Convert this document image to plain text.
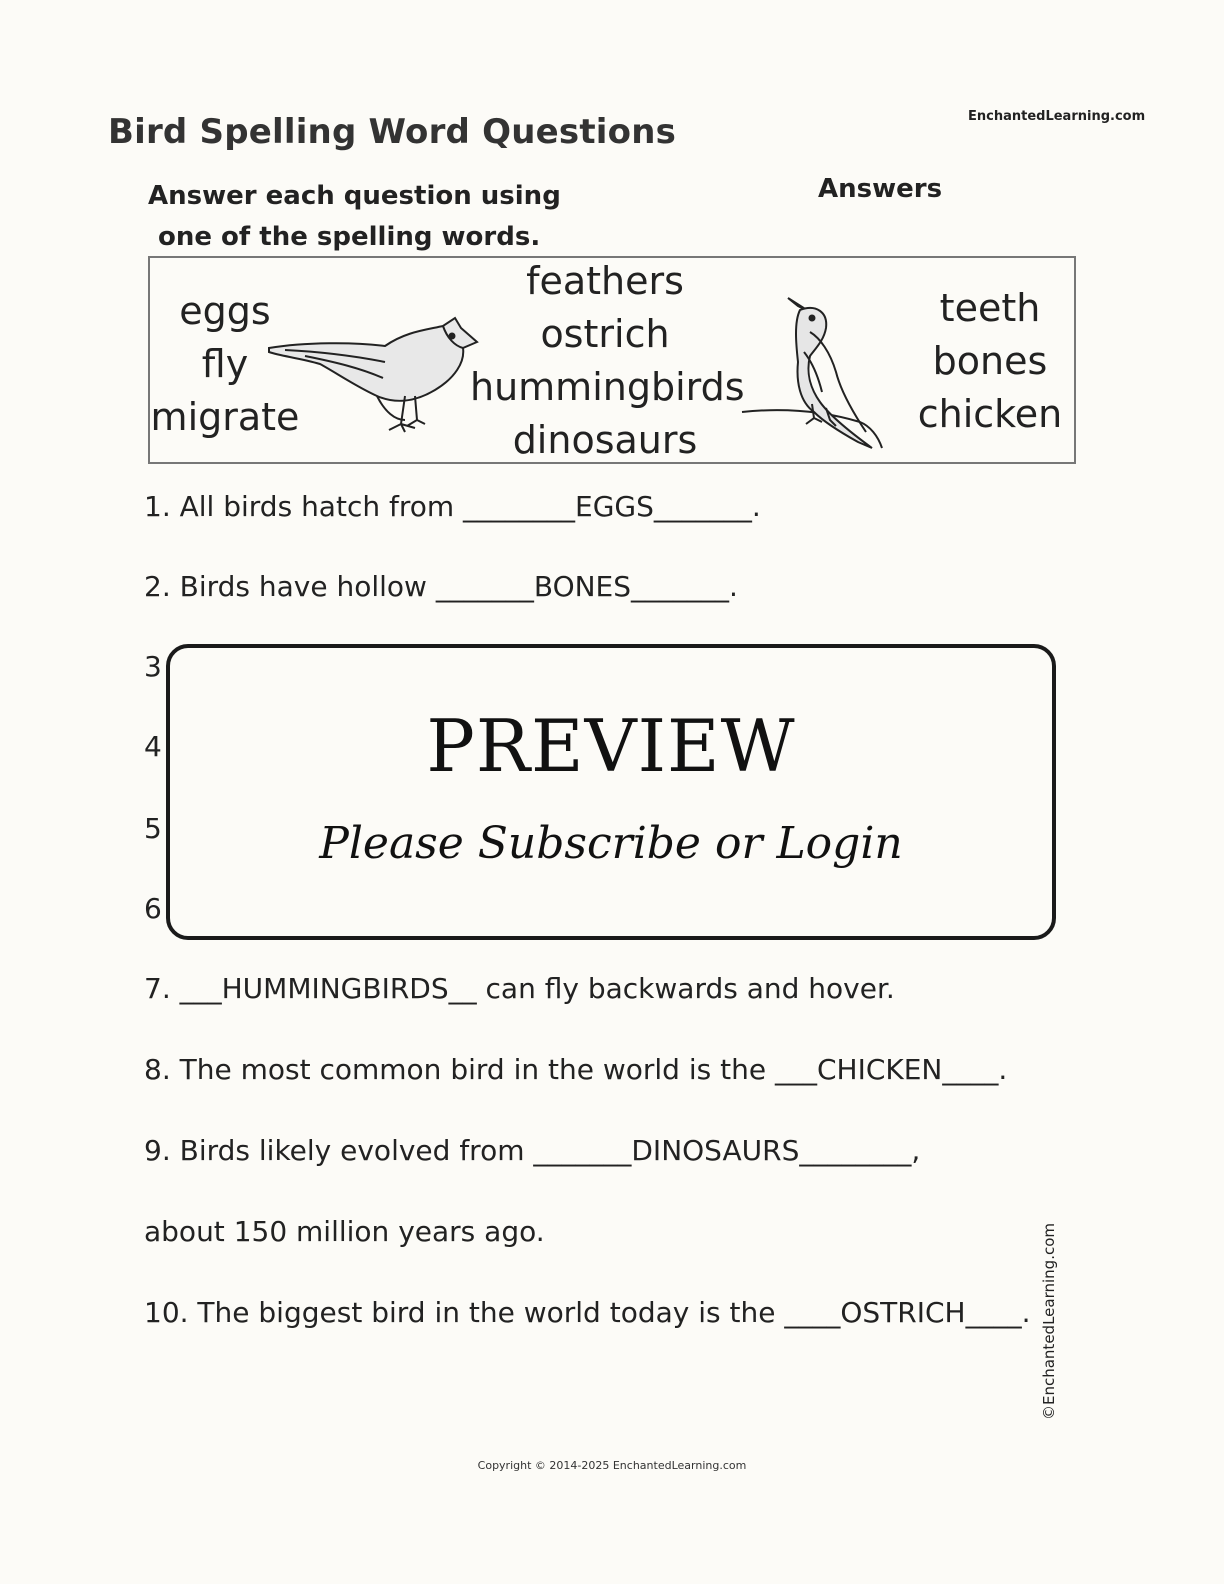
Bird Spelling Word Questions	EnchantedLearning.com
Answer each question using
one of the spelling words.
Answers
eggs
fly
migrate
feathers
ostrich
hummingbirds
dinosaurs
teeth
bones
chicken
1. All birds hatch from ________EGGS_______.
2. Birds have hollow _______BONES_______.
3
4
5
6
PREVIEW
Please Subscribe or Login
7. ___HUMMINGBIRDS__ can fly backwards and hover.
8. The most common bird in the world is the ___CHICKEN____.
9. Birds likely evolved from _______DINOSAURS________,
about 150 million years ago.
10. The biggest bird in the world today is the ____OSTRICH____. ©EnchantedLearning.com
Copyright © 2014-2025 EnchantedLearning.com
